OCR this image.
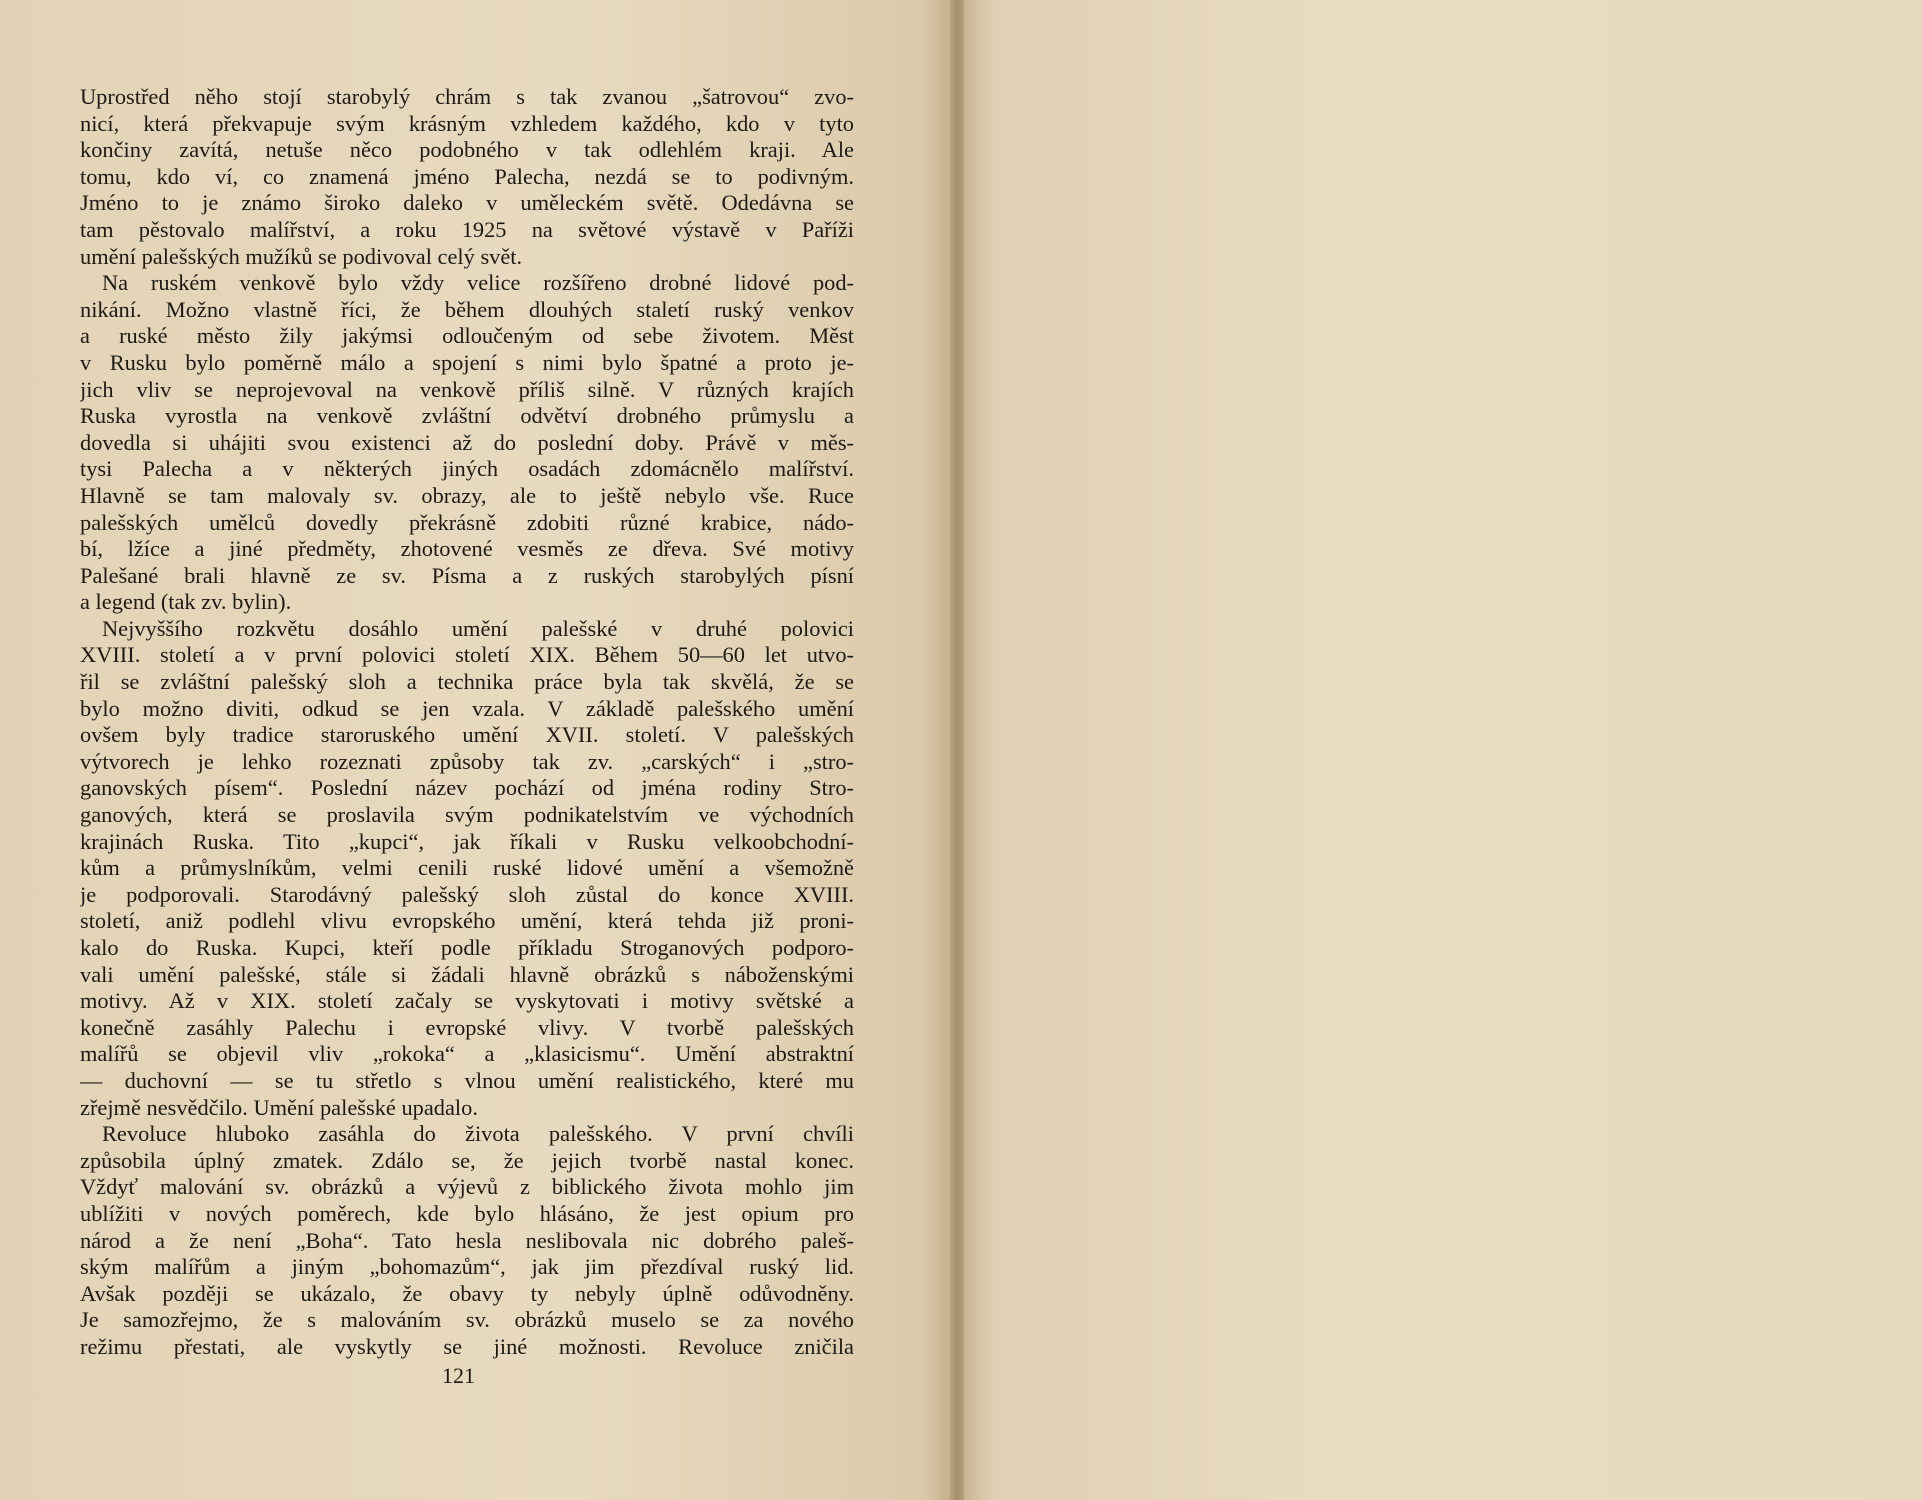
Uprostřed něho stojí starobylý chrám s tak zvanou „šatrovou“ zvo-
nicí, která překvapuje svým krásným vzhledem každého, kdo v tyto
končiny zavítá, netuše něco podobného v tak odlehlém kraji. Ale
tomu, kdo ví, co znamená jméno Palecha, nezdá se to podivným.
Jméno to je známo široko daleko v uměleckém světě. Odedávna se
tam pěstovalo malířství, a roku 1925 na světové výstavě v Paříži
umění palešských mužíků se podivoval celý svět.
Na ruském venkově bylo vždy velice rozšířeno drobné lidové pod-
nikání. Možno vlastně říci, že během dlouhých staletí ruský venkov
a ruské město žily jakýmsi odloučeným od sebe životem. Měst
v Rusku bylo poměrně málo a spojení s nimi bylo špatné a proto je-
jich vliv se neprojevoval na venkově příliš silně. V různých krajích
Ruska vyrostla na venkově zvláštní odvětví drobného průmyslu a
dovedla si uhájiti svou existenci až do poslední doby. Právě v měs-
tysi Palecha a v některých jiných osadách zdomácnělo malířství.
Hlavně se tam malovaly sv. obrazy, ale to ještě nebylo vše. Ruce
palešských umělců dovedly překrásně zdobiti různé krabice, nádo-
bí, lžíce a jiné předměty, zhotovené vesměs ze dřeva. Své motivy
Palešané brali hlavně ze sv. Písma a z ruských starobylých písní
a legend (tak zv. bylin).
Nejvyššího rozkvětu dosáhlo umění palešské v druhé polovici
XVIII. století a v první polovici století XIX. Během 50—60 let utvo-
řil se zvláštní palešský sloh a technika práce byla tak skvělá, že se
bylo možno diviti, odkud se jen vzala. V základě palešského umění
ovšem byly tradice staroruského umění XVII. století. V palešských
výtvorech je lehko rozeznati způsoby tak zv. „carských“ i „stro-
ganovských písem“. Poslední název pochází od jména rodiny Stro-
ganových, která se proslavila svým podnikatelstvím ve východních
krajinách Ruska. Tito „kupci“, jak říkali v Rusku velkoobchodní-
kům a průmyslníkům, velmi cenili ruské lidové umění a všemožně
je podporovali. Starodávný palešský sloh zůstal do konce XVIII.
století, aniž podlehl vlivu evropského umění, která tehda již proni-
kalo do Ruska. Kupci, kteří podle příkladu Stroganových podporo-
vali umění palešské, stále si žádali hlavně obrázků s náboženskými
motivy. Až v XIX. století začaly se vyskytovati i motivy světské a
konečně zasáhly Palechu i evropské vlivy. V tvorbě palešských
malířů se objevil vliv „rokoka“ a „klasicismu“. Umění abstraktní
— duchovní — se tu střetlo s vlnou umění realistického, které mu
zřejmě nesvědčilo. Umění palešské upadalo.
Revoluce hluboko zasáhla do života palešského. V první chvíli
způsobila úplný zmatek. Zdálo se, že jejich tvorbě nastal konec.
Vždyť malování sv. obrázků a výjevů z biblického života mohlo jim
ublížiti v nových poměrech, kde bylo hlásáno, že jest opium pro
národ a že není „Boha“. Tato hesla neslibovala nic dobrého paleš-
ským malířům a jiným „bohomazům“, jak jim přezdíval ruský lid.
Avšak později se ukázalo, že obavy ty nebyly úplně odůvodněny.
Je samozřejmo, že s malováním sv. obrázků muselo se za nového
režimu přestati, ale vyskytly se jiné možnosti. Revoluce zničila
121
